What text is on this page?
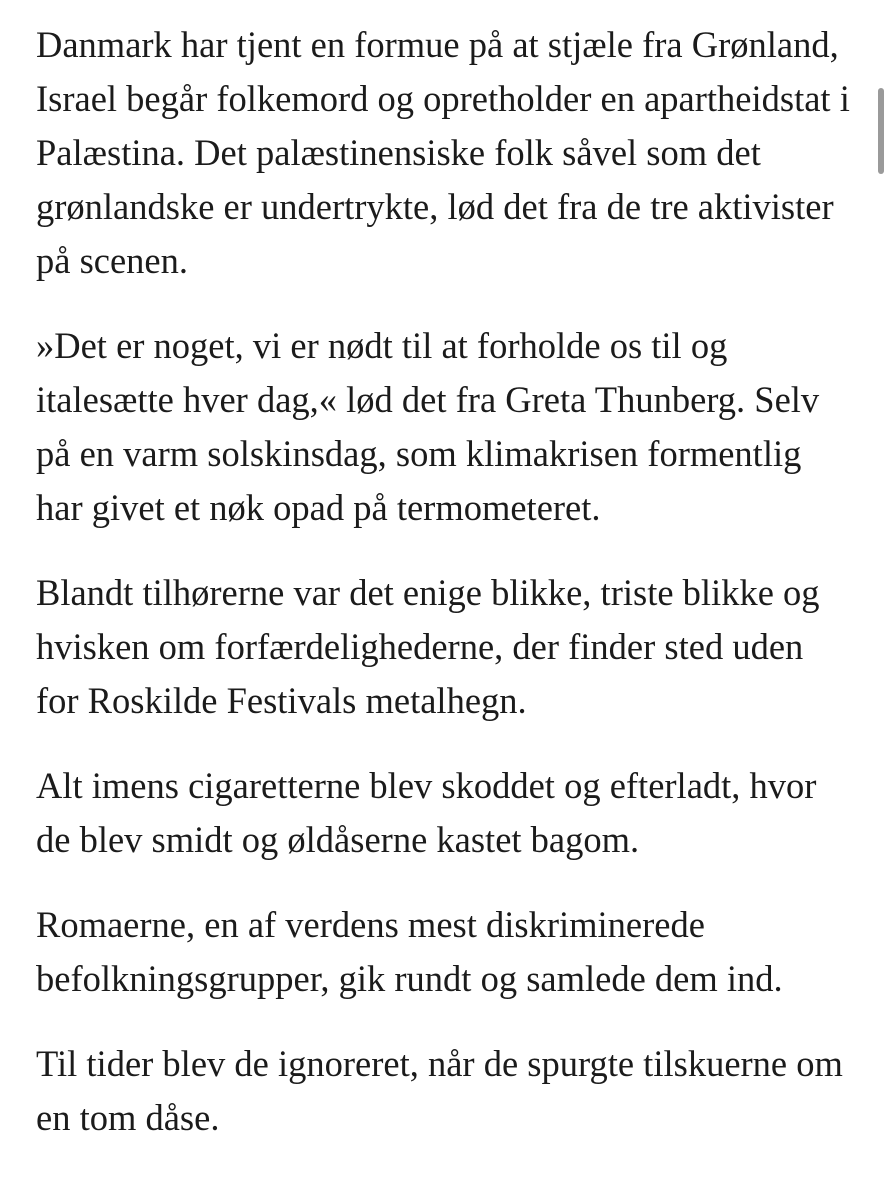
Danmark har tjent en formue på at stjæle fra Grønland, Israel begår folkemord og opretholder en apartheidstat i Palæstina. Det palæstinensiske folk såvel som det grønlandske er undertrykte, lød det fra de tre aktivister på scenen.

»Det er noget, vi er nødt til at forholde os til og italesætte hver dag,« lød det fra Greta Thunberg. Selv på en varm solskinsdag, som klimakrisen formentlig har givet et nøk opad på termometeret.

Blandt tilhørerne var det enige blikke, triste blikke og hvisken om forfærdelighederne, der finder sted uden for Roskilde Festivals metalhegn.

Alt imens cigaretterne blev skoddet og efterladt, hvor de blev smidt og øldåserne kastet bagom.

Romaerne, en af verdens mest diskriminerede befolkningsgrupper, gik rundt og samlede dem ind.

Til tider blev de ignoreret, når de spurgte tilskuerne om en tom dåse.
